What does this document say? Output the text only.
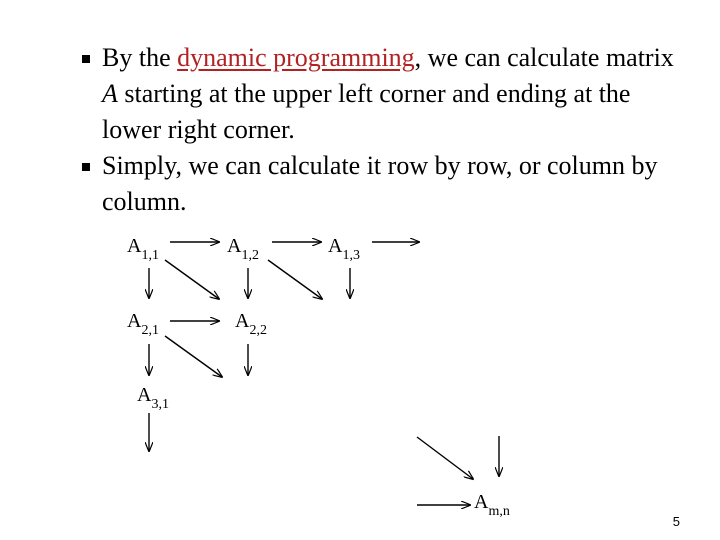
By the dynamic programming, we can calculate matrix A starting at the upper left corner and ending at the lower right corner.
Simply, we can calculate it row by row, or column by column.
$A_{1,1}$	$A_{1,2}$	$A_{1,3}$
$A_{2,1}$	$A_{2,2}$
$A_{3,1}$
$A_{m,n}$
5
